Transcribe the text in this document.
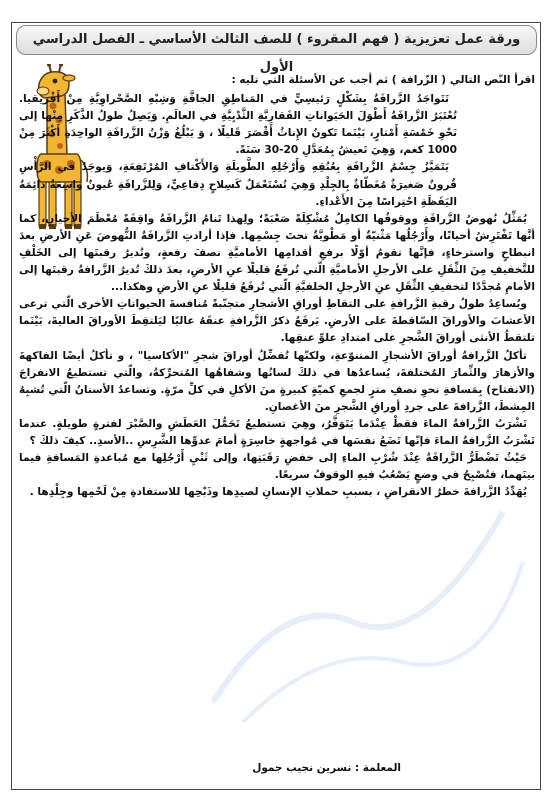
ورقة عمل تعزيزية ( فهم المقروء ) للصف الثالث الأساسي ـ الفصل الدراسي الأول

اقرأ النّص التالي ( الزّرافة ) ثم أجب عن الأسئلة التي تليه :

تَتَواجَدُ الزَّرافَةُ بِشَكْلٍ رَئيسِيٍّ في المَناطِقِ الجافَّةِ وَشِبْهِ الصَّحْراوِيَّةِ مِنْ أَفْريقيا. تُعْتَبَرُ الزَّرافَةُ أَطْوَلَ الحَيَواناتِ الفَقارِيَّةِ الثَّدْيِيَّةِ في العالَمِ. وَيَصِلُ طولُ الذَّكَرِ مِنْها إلى نَحْوِ خَمْسَةِ أَمْتارٍ، بَيْنَما تَكونُ الإِناثُ أَقْصَرَ قَليلًا ، وَ يَبْلُغُ وَزْنُ الزَّرافَةِ الواحِدَةِ أَكْثَرَ مِنْ 1000 كغم، وَهِيَ تَعيشُ بِمُعَدَّلِ 20-30 سَنَةً.

يَتَمَيَّزُ جِسْمُ الزَّرافَةِ بِعُنُقِهِ وَأَرْجُلِهِ الطَّويلَةِ وَالأَكْتافِ المُرْتَفِعَةِ، وَيوجَدُ في الرَّأْسِ قُرونٌ صَغيرَةٌ مُغَطّاةٌ بِالجِلْدِ وَهِيَ تُسْتَعْمَلُ كَسِلاحٍ دِفاعِيٍّ، وَلِلزَّرافَةِ عُيونٌ واسِعَةٌ دائِمَةُ اليَقَظَةِ احْتِراسًا مِنَ الأَعْداءِ.

يُمَثِّلُ نُهوضُ الزَّرافَةِ ووقوفُها الكامِلُ مُشْكِلَةً صَعْبَةً؛ ولِهذا تَنامُ الزَّرافَةُ واقِفَةً مُعْظَمَ الأحيانِ، كما أنَّها تَفْتَرِشُ أحيانًا، وأَرْجُلُها مَثْنيّةٌ أو مَطْويَّةٌ تحتَ جِسْمِها. فإذا أرادتِ الزَّرافَةُ النُّهوضَ عَنِ الأرضِ بعدَ انبطاحٍ واسترخاءٍ، فإنَّها تقومُ أوّلًا برفعِ أقدامِها الأماميَّةِ نصفَ رفعةٍ، وتُديرُ رقبتَها إلى الخَلْفِ للتَّخفيفِ مِنَ الثِّقَلِ على الأرجلِ الأماميَّةِ الّتي تُرفَعُ قليلًا عنِ الأرضِ، بعدَ ذلكَ تُديرُ الزَّرافةُ رقبتَها إلى الأمامِ مُجدَّدًا لتخفيفِ الثِّقَلِ عنِ الأرجلِ الخلفيَّةِ الّتي تُرفَعُ قليلًا عنِ الأرضِ وهكذا...

ويُساعِدُ طولُ رقبةِ الزَّرافةِ على التقاطِ أوراقِ الأشجارِ متجنّبةً مُنافسةَ الحيواناتِ الأخرى الّتي ترعى الأعشابَ والأوراقَ السّاقطةَ على الأرضِ. يَرفَعُ ذكرُ الزَّرافةِ عنقَهُ عاليًا ليَلتقِطَ الأوراقَ العاليةَ، بَيْنَما تلتقطُ الأنثى أوراقَ الشَّجرِ على امتدادِ علوِّ عنقِها.

تأكلُ الزَّرافةُ أوراقَ الأشجارِ المتنوّعةِ، ولكنّها تُفضِّلُ أوراقَ شجرِ "الأكاسيا" ، و تأكلُ أيضًا الفاكهةَ والأزهارَ والثِّمارَ المُختلفةَ، يُساعدُها في ذلكَ لسانُها وشفاهُها المُتحرِّكةُ، والّتي تستطيعُ الانفراجَ (الانفتاح) بِمَسافةِ نحوِ نصفِ مترٍ لجمعِ كميّةٍ كبيرةٍ منَ الأكلِ في كلِّ مرّةٍ. وتساعدُ الأسنانُ الّتي تُشبِهُ المِشطَ، الزَّرافةَ على جردِ أوراقِ الشَّجرِ منَ الأغصانِ.

تَشْرَبُ الزَّرافةُ الماءَ فقطْ عِنْدَما يَتَوَفَّرُ، وهِيَ تستطيعُ تَحَمُّلَ العَطَشِ والصَّبْرَ لفترةٍ طويلةٍ. عندما تَشْرَبُ الزَّرافةُ الماءَ فإنّها تَضَعُ نفسَها في مُواجهةٍ خاسِرَةٍ أمامَ عدوِّها الشَّرِسِ ..الأسدِ.. كيفَ ذلكَ ؟

حَيْثُ تَضْطَرُّ الزَّرافَةُ عِنْدَ شُرْبِ الماءِ إلى خفضِ رَقَبَتِها، وإلى ثَنْيِ أَرْجُلِها مع مُباعدةِ المَسافةِ فيما بينَهما، فتُصْبِحُ في وضعٍ يَصْعُبُ فيهِ الوقوفُ سريعًا.

يُهَدِّدُ الزَّرافةَ خطرُ الانقراضِ ، بسببِ حملاتِ الإنسانِ لصيدِها وذَبْحِها للاستفادةِ مِنْ لَحْمِها وجِلْدِها .

المعلمة : نسرين نجيب جمول
